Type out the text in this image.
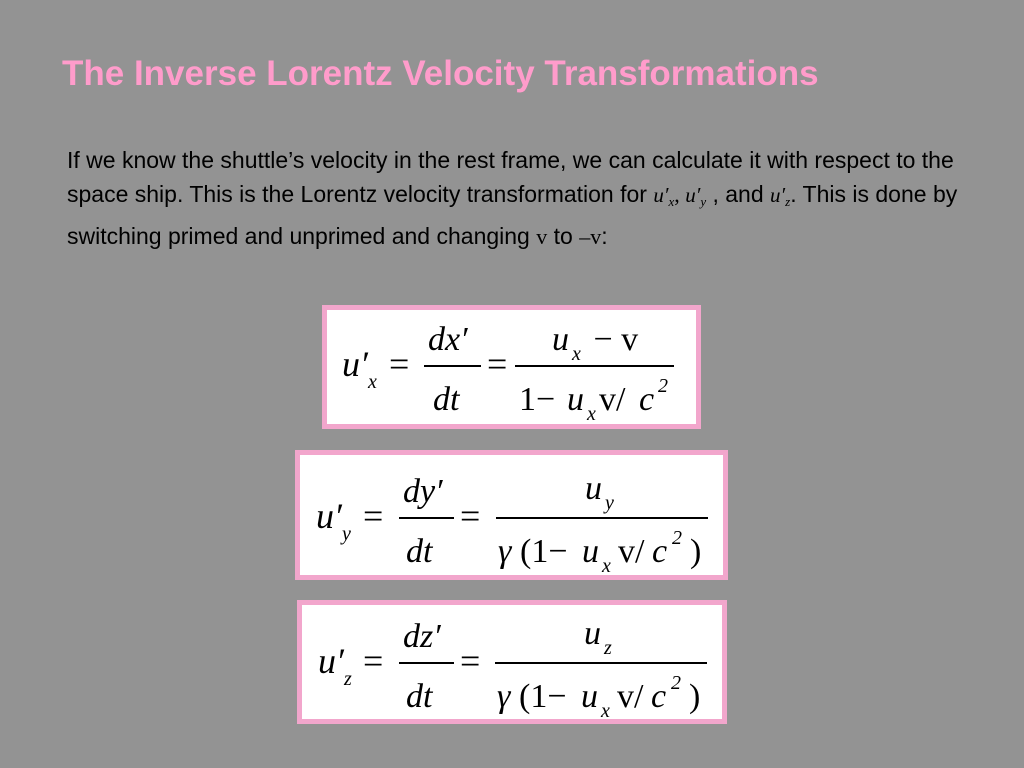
The Inverse Lorentz Velocity Transformations
If we know the shuttle’s velocity in the rest frame, we can calculate it with respect to the space ship. This is the Lorentz velocity transformation for $u'_x$, $u'_y$ , and $u'_z$. This is done by switching primed and unprimed and changing v to –v:
u′ x =
dx′
dt
=
u x − v
1− u x v/ c 2
u′ y =
dy′
dt
=
u y
γ (1− u x v/ c 2 )
u′ z =
dz′
dt
=
u z
γ (1− u x v/ c 2 )
